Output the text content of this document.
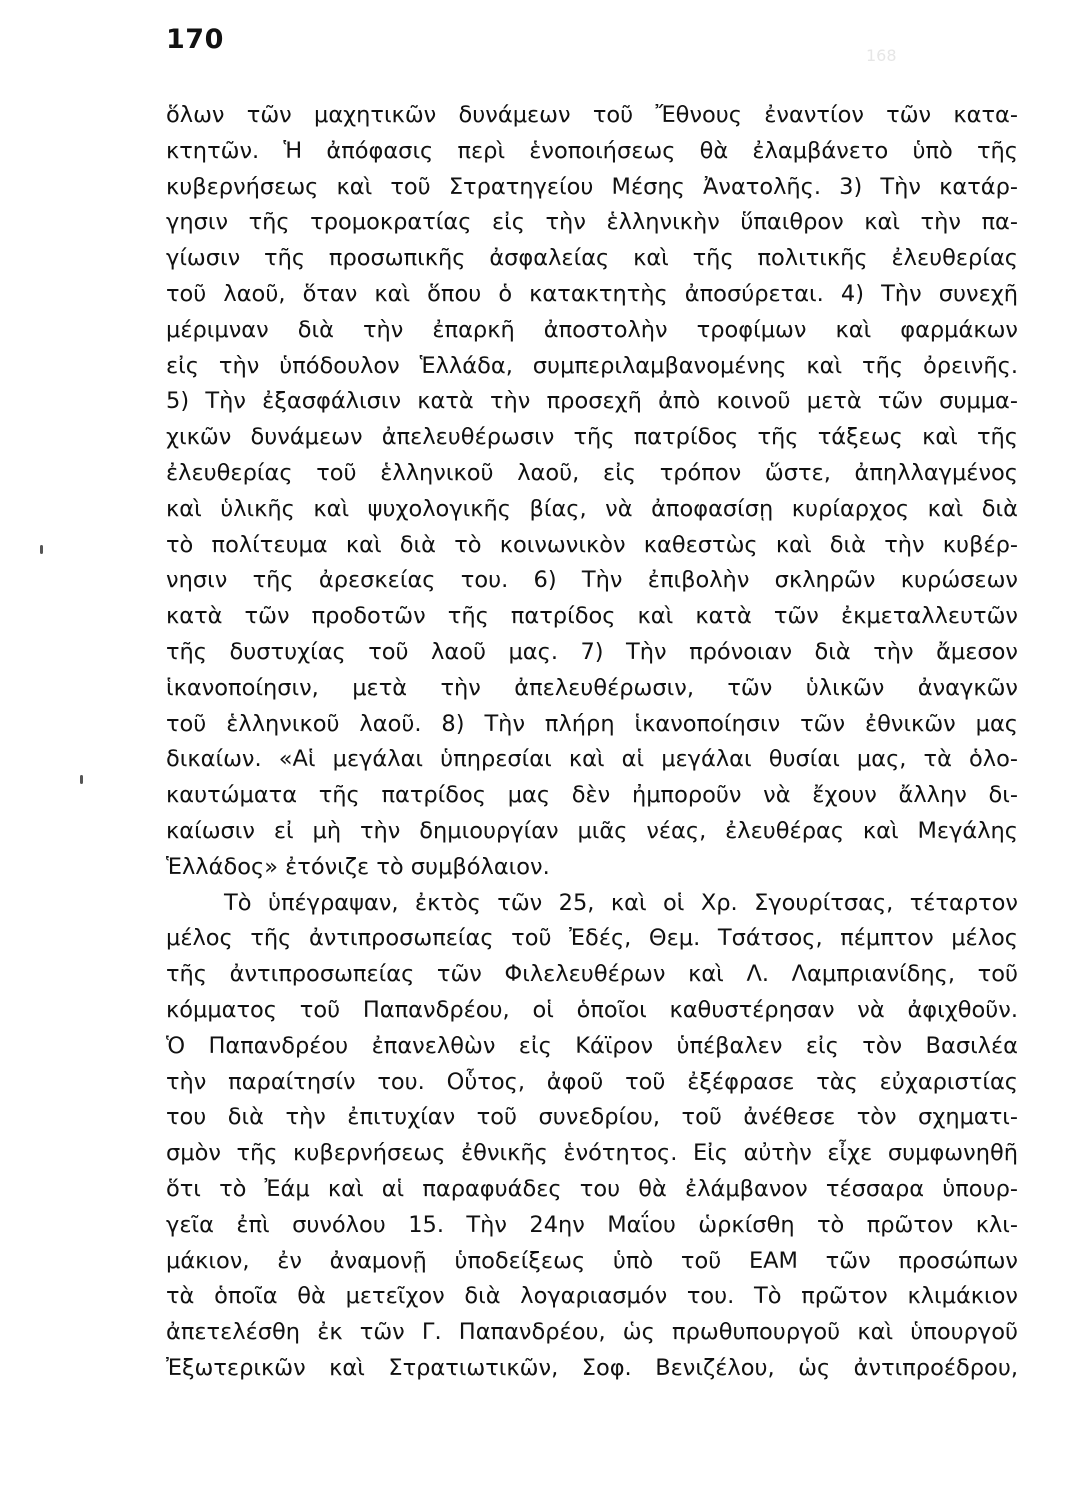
170
168
ὅλων τῶν μαχητικῶν δυνάμεων τοῦ Ἔθνους ἐναντίον τῶν κατα-
κτητῶν. Ἡ ἀπόφασις περὶ ἑνοποιήσεως θὰ ἐλαμβάνετο ὑπὸ τῆς
κυβερνήσεως καὶ τοῦ Στρατηγείου Μέσης Ἀνατολῆς. 3) Τὴν κατάρ-
γησιν τῆς τρομοκρατίας εἰς τὴν ἑλληνικὴν ὕπαιθρον καὶ τὴν πα-
γίωσιν τῆς προσωπικῆς ἀσφαλείας καὶ τῆς πολιτικῆς ἐλευθερίας
τοῦ λαοῦ, ὅταν καὶ ὅπου ὁ κατακτητὴς ἀποσύρεται. 4) Τὴν συνεχῆ
μέριμναν διὰ τὴν ἐπαρκῆ ἀποστολὴν τροφίμων καὶ φαρμάκων
εἰς τὴν ὑπόδουλον Ἑλλάδα, συμπεριλαμβανομένης καὶ τῆς ὀρεινῆς.
5) Τὴν ἐξασφάλισιν κατὰ τὴν προσεχῆ ἀπὸ κοινοῦ μετὰ τῶν συμμα-
χικῶν δυνάμεων ἀπελευθέρωσιν τῆς πατρίδος τῆς τάξεως καὶ τῆς
ἐλευθερίας τοῦ ἑλληνικοῦ λαοῦ, εἰς τρόπον ὥστε, ἀπηλλαγμένος
καὶ ὑλικῆς καὶ ψυχολογικῆς βίας, νὰ ἀποφασίσῃ κυρίαρχος καὶ διὰ
τὸ πολίτευμα καὶ διὰ τὸ κοινωνικὸν καθεστὼς καὶ διὰ τὴν κυβέρ-
νησιν τῆς ἀρεσκείας του. 6) Τὴν ἐπιβολὴν σκληρῶν κυρώσεων
κατὰ τῶν προδοτῶν τῆς πατρίδος καὶ κατὰ τῶν ἐκμεταλλευτῶν
τῆς δυστυχίας τοῦ λαοῦ μας. 7) Τὴν πρόνοιαν διὰ τὴν ἄμεσον
ἱκανοποίησιν, μετὰ τὴν ἀπελευθέρωσιν, τῶν ὑλικῶν ἀναγκῶν
τοῦ ἑλληνικοῦ λαοῦ. 8) Τὴν πλήρη ἱκανοποίησιν τῶν ἐθνικῶν μας
δικαίων. «Αἱ μεγάλαι ὑπηρεσίαι καὶ αἱ μεγάλαι θυσίαι μας, τὰ ὁλο-
καυτώματα τῆς πατρίδος μας δὲν ἠμποροῦν νὰ ἔχουν ἄλλην δι-
καίωσιν εἰ μὴ τὴν δημιουργίαν μιᾶς νέας, ἐλευθέρας καὶ Μεγάλης
Ἑλλάδος» ἐτόνιζε τὸ συμβόλαιον.
Τὸ ὑπέγραψαν, ἐκτὸς τῶν 25, καὶ οἱ Χρ. Σγουρίτσας, τέταρτον
μέλος τῆς ἀντιπροσωπείας τοῦ Ἐδές, Θεμ. Τσάτσος, πέμπτον μέλος
τῆς ἀντιπροσωπείας τῶν Φιλελευθέρων καὶ Λ. Λαμπριανίδης, τοῦ
κόμματος τοῦ Παπανδρέου, οἱ ὁποῖοι καθυστέρησαν νὰ ἀφιχθοῦν.
Ὁ Παπανδρέου ἐπανελθὼν εἰς Κάϊρον ὑπέβαλεν εἰς τὸν Βασιλέα
τὴν παραίτησίν του. Οὗτος, ἀφοῦ τοῦ ἐξέφρασε τὰς εὐχαριστίας
του διὰ τὴν ἐπιτυχίαν τοῦ συνεδρίου, τοῦ ἀνέθεσε τὸν σχηματι-
σμὸν τῆς κυβερνήσεως ἐθνικῆς ἑνότητος. Εἰς αὐτὴν εἶχε συμφωνηθῆ
ὅτι τὸ Ἐάμ καὶ αἱ παραφυάδες του θὰ ἐλάμβανον τέσσαρα ὑπουρ-
γεῖα ἐπὶ συνόλου 15. Τὴν 24ην Μαΐου ὡρκίσθη τὸ πρῶτον κλι-
μάκιον, ἐν ἀναμονῇ ὑποδείξεως ὑπὸ τοῦ ΕΑΜ τῶν προσώπων
τὰ ὁποῖα θὰ μετεῖχον διὰ λογαριασμόν του. Τὸ πρῶτον κλιμάκιον
ἀπετελέσθη ἐκ τῶν Γ. Παπανδρέου, ὡς πρωθυπουργοῦ καὶ ὑπουργοῦ
Ἐξωτερικῶν καὶ Στρατιωτικῶν, Σοφ. Βενιζέλου, ὡς ἀντιπροέδρου,
